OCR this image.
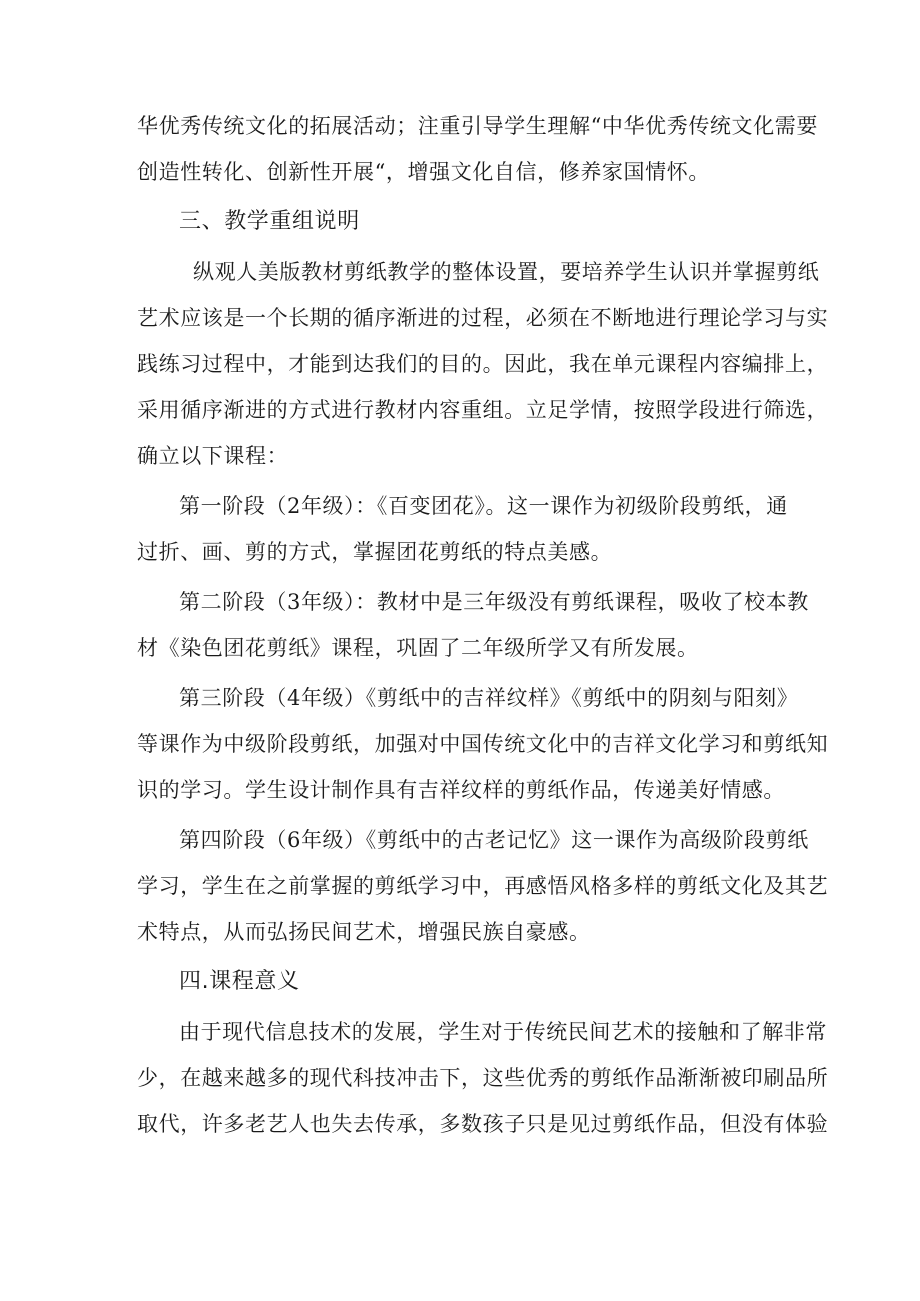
华优秀传统文化的拓展活动；注重引导学生理解“中华优秀传统文化需要
创造性转化、创新性开展“，增强文化自信，修养家国情怀。
三、教学重组说明
纵观人美版教材剪纸教学的整体设置，要培养学生认识并掌握剪纸
艺术应该是一个长期的循序渐进的过程，必须在不断地进行理论学习与实
践练习过程中，才能到达我们的目的。因此，我在单元课程内容编排上，
采用循序渐进的方式进行教材内容重组。立足学情，按照学段进行筛选，
确立以下课程：
第一阶段（2年级）：《百变团花》。这一课作为初级阶段剪纸，通
过折、画、剪的方式，掌握团花剪纸的特点美感。
第二阶段（3年级）：教材中是三年级没有剪纸课程，吸收了校本教
材《染色团花剪纸》课程，巩固了二年级所学又有所发展。
第三阶段（4年级）《剪纸中的吉祥纹样》《剪纸中的阴刻与阳刻》
等课作为中级阶段剪纸，加强对中国传统文化中的吉祥文化学习和剪纸知
识的学习。学生设计制作具有吉祥纹样的剪纸作品，传递美好情感。
第四阶段（6年级）《剪纸中的古老记忆》这一课作为高级阶段剪纸
学习，学生在之前掌握的剪纸学习中，再感悟风格多样的剪纸文化及其艺
术特点，从而弘扬民间艺术，增强民族自豪感。
四.课程意义
由于现代信息技术的发展，学生对于传统民间艺术的接触和了解非常
少，在越来越多的现代科技冲击下，这些优秀的剪纸作品渐渐被印刷品所
取代，许多老艺人也失去传承，多数孩子只是见过剪纸作品，但没有体验
